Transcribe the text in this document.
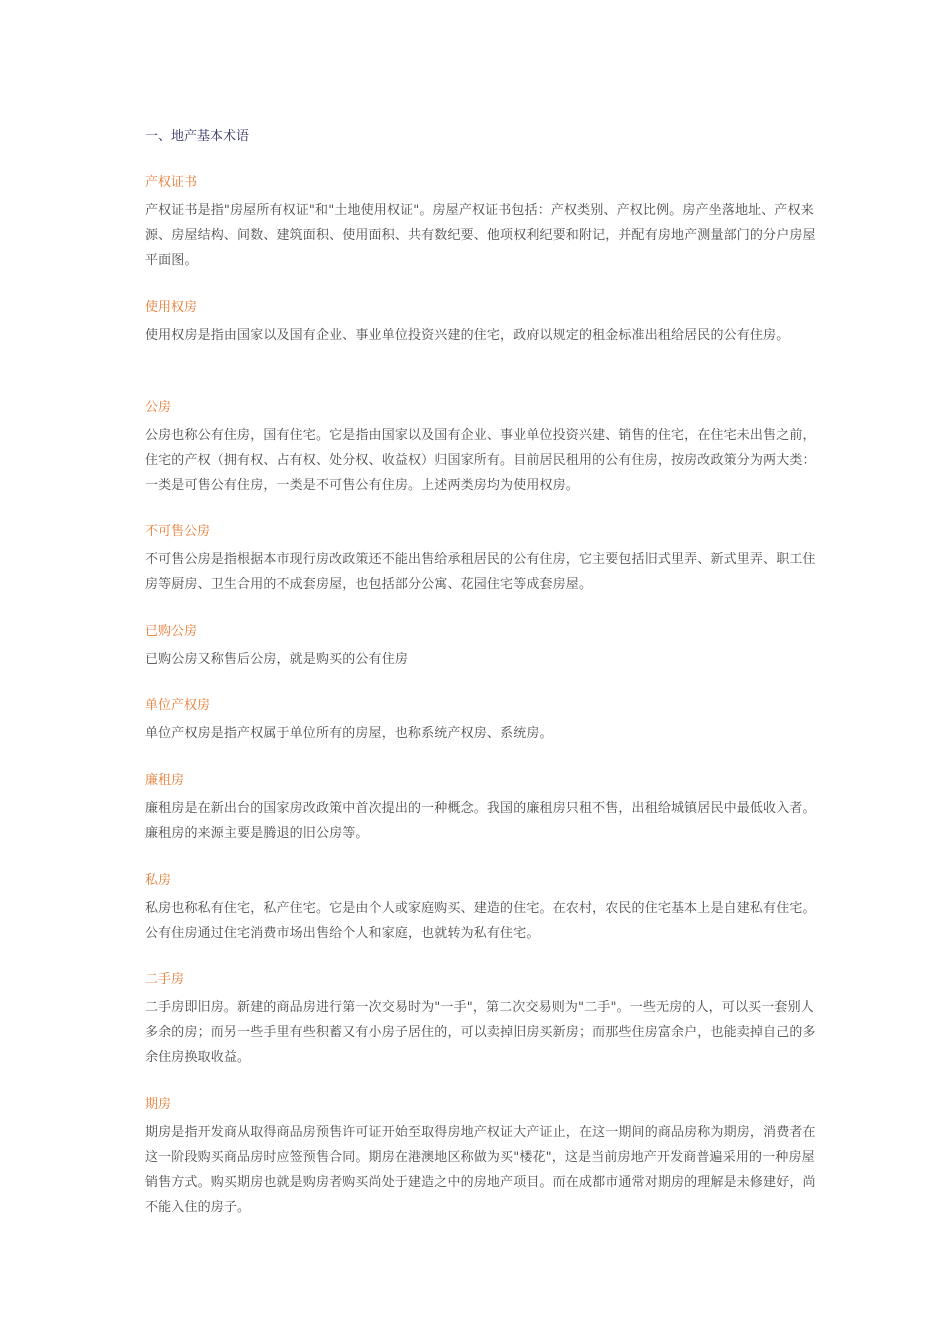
一、地产基本术语
产权证书

产权证书是指"房屋所有权证"和"土地使用权证"。房屋产权证书包括：产权类别、产权比例。房产坐落地址、产权来源、房屋结构、间数、建筑面积、使用面积、共有数纪要、他项权利纪要和附记，并配有房地产测量部门的分户房屋平面图。

使用权房

使用权房是指由国家以及国有企业、事业单位投资兴建的住宅，政府以规定的租金标准出租给居民的公有住房。

公房

公房也称公有住房，国有住宅。它是指由国家以及国有企业、事业单位投资兴建、销售的住宅，在住宅未出售之前，住宅的产权（拥有权、占有权、处分权、收益权）归国家所有。目前居民租用的公有住房，按房改政策分为两大类：一类是可售公有住房，一类是不可售公有住房。上述两类房均为使用权房。

不可售公房

不可售公房是指根据本市现行房改政策还不能出售给承租居民的公有住房，它主要包括旧式里弄、新式里弄、职工住房等厨房、卫生合用的不成套房屋，也包括部分公寓、花园住宅等成套房屋。

已购公房

已购公房又称售后公房，就是购买的公有住房

单位产权房

单位产权房是指产权属于单位所有的房屋，也称系统产权房、系统房。

廉租房

廉租房是在新出台的国家房改政策中首次提出的一种概念。我国的廉租房只租不售，出租给城镇居民中最低收入者。廉租房的来源主要是腾退的旧公房等。

私房

私房也称私有住宅，私产住宅。它是由个人或家庭购买、建造的住宅。在农村，农民的住宅基本上是自建私有住宅。公有住房通过住宅消费市场出售给个人和家庭，也就转为私有住宅。

二手房

二手房即旧房。新建的商品房进行第一次交易时为"一手"，第二次交易则为"二手"。一些无房的人，可以买一套别人多余的房；而另一些手里有些积蓄又有小房子居住的，可以卖掉旧房买新房；而那些住房富余户，也能卖掉自己的多余住房换取收益。

期房

期房是指开发商从取得商品房预售许可证开始至取得房地产权证大产证止，在这一期间的商品房称为期房，消费者在这一阶段购买商品房时应签预售合同。期房在港澳地区称做为买"楼花"，这是当前房地产开发商普遍采用的一种房屋销售方式。购买期房也就是购房者购买尚处于建造之中的房地产项目。而在成都市通常对期房的理解是未修建好，尚不能入住的房子。
